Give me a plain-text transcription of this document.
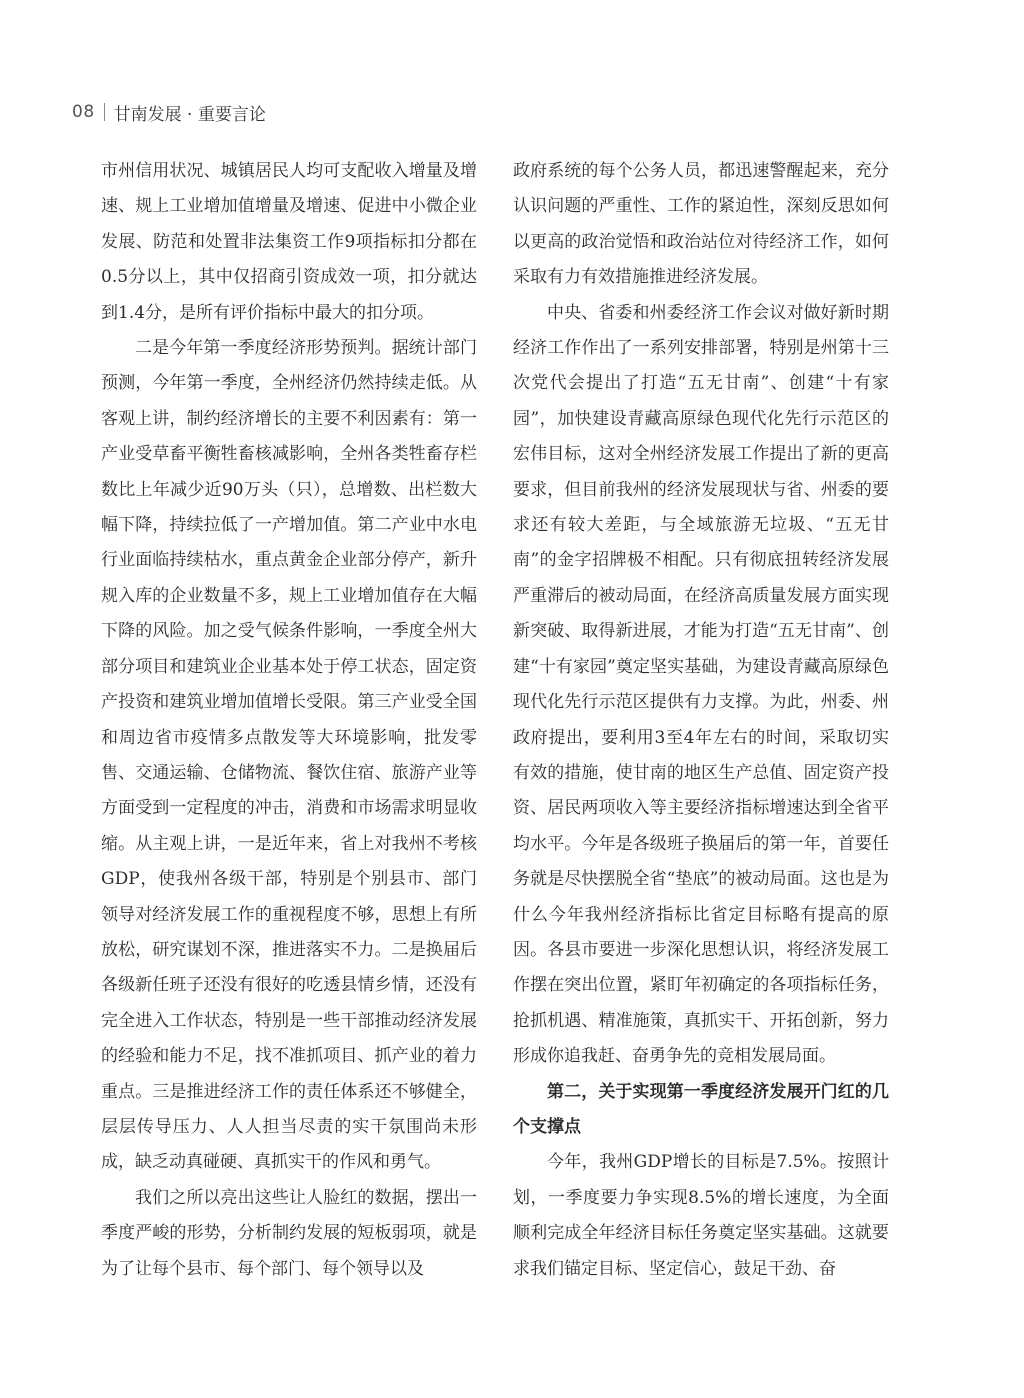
08 甘南发展 · 重要言论

市州信用状况、城镇居民人均可支配收入增量及增速、规上工业增加值增量及增速、促进中小微企业发展、防范和处置非法集资工作9项指标扣分都在0.5分以上，其中仅招商引资成效一项，扣分就达到1.4分，是所有评价指标中最大的扣分项。

二是今年第一季度经济形势预判。据统计部门预测，今年第一季度，全州经济仍然持续走低。从客观上讲，制约经济增长的主要不利因素有：第一产业受草畜平衡牲畜核减影响，全州各类牲畜存栏数比上年减少近90万头（只），总增数、出栏数大幅下降，持续拉低了一产增加值。第二产业中水电行业面临持续枯水，重点黄金企业部分停产，新升规入库的企业数量不多，规上工业增加值存在大幅下降的风险。加之受气候条件影响，一季度全州大部分项目和建筑业企业基本处于停工状态，固定资产投资和建筑业增加值增长受限。第三产业受全国和周边省市疫情多点散发等大环境影响，批发零售、交通运输、仓储物流、餐饮住宿、旅游产业等方面受到一定程度的冲击，消费和市场需求明显收缩。从主观上讲，一是近年来，省上对我州不考核GDP，使我州各级干部，特别是个别县市、部门领导对经济发展工作的重视程度不够，思想上有所放松，研究谋划不深，推进落实不力。二是换届后各级新任班子还没有很好的吃透县情乡情，还没有完全进入工作状态，特别是一些干部推动经济发展的经验和能力不足，找不准抓项目、抓产业的着力重点。三是推进经济工作的责任体系还不够健全，层层传导压力、人人担当尽责的实干氛围尚未形成，缺乏动真碰硬、真抓实干的作风和勇气。

我们之所以亮出这些让人脸红的数据，摆出一季度严峻的形势，分析制约发展的短板弱项，就是为了让每个县市、每个部门、每个领导以及

政府系统的每个公务人员，都迅速警醒起来，充分认识问题的严重性、工作的紧迫性，深刻反思如何以更高的政治觉悟和政治站位对待经济工作，如何采取有力有效措施推进经济发展。

中央、省委和州委经济工作会议对做好新时期经济工作作出了一系列安排部署，特别是州第十三次党代会提出了打造“五无甘南”、创建“十有家园”，加快建设青藏高原绿色现代化先行示范区的宏伟目标，这对全州经济发展工作提出了新的更高要求，但目前我州的经济发展现状与省、州委的要求还有较大差距，与全域旅游无垃圾、“五无甘南”的金字招牌极不相配。只有彻底扭转经济发展严重滞后的被动局面，在经济高质量发展方面实现新突破、取得新进展，才能为打造“五无甘南”、创建“十有家园”奠定坚实基础，为建设青藏高原绿色现代化先行示范区提供有力支撑。为此，州委、州政府提出，要利用3至4年左右的时间，采取切实有效的措施，使甘南的地区生产总值、固定资产投资、居民两项收入等主要经济指标增速达到全省平均水平。今年是各级班子换届后的第一年，首要任务就是尽快摆脱全省“垫底”的被动局面。这也是为什么今年我州经济指标比省定目标略有提高的原因。各县市要进一步深化思想认识，将经济发展工作摆在突出位置，紧盯年初确定的各项指标任务，抢抓机遇、精准施策，真抓实干、开拓创新，努力形成你追我赶、奋勇争先的竞相发展局面。

第二，关于实现第一季度经济发展开门红的几个支撑点

今年，我州GDP增长的目标是7.5%。按照计划，一季度要力争实现8.5%的增长速度，为全面顺利完成全年经济目标任务奠定坚实基础。这就要求我们锚定目标、坚定信心，鼓足干劲、奋
